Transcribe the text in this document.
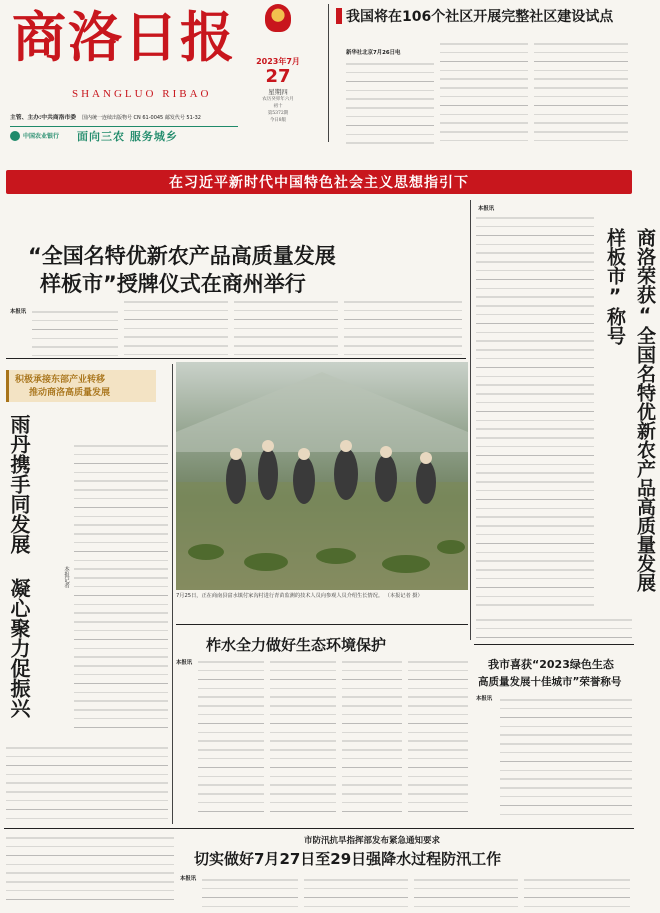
商洛日报
SHANGLUO RIBAO
2023年7月
27
星期四
农历癸卯年六月
初十
第5372期
今日8版
主管、主办:中共商洛市委 国内统一连续出版物号 CN 61-0045 邮发代号 51-32
中国农业银行 面向三农 服务城乡
我国将在106个社区开展完整社区建设试点
新华社北京7月26日电
在习近平新时代中国特色社会主义思想指引下
“全国名特优新农产品高质量发展
样板市”授牌仪式在商州举行
本报讯	商洛荣获“全国名特优新农产品高质量发展样板市”称号
本报讯
积极承接东部产业转移
推动商洛高质量发展
雨丹携手同发展 凝心聚力促振兴	本报记者
7月25日，正在商南县富水镇付家沟村进行青苗监测的技术人员向参观人员介绍生长情况。 （本报记者 摄）
柞水全力做好生态环境保护
本报讯	我市喜获“2023绿色生态
高质量发展十佳城市”荣誉称号
本报讯
市防汛抗旱指挥部发布紧急通知要求
切实做好7月27日至29日强降水过程防汛工作
本报讯
